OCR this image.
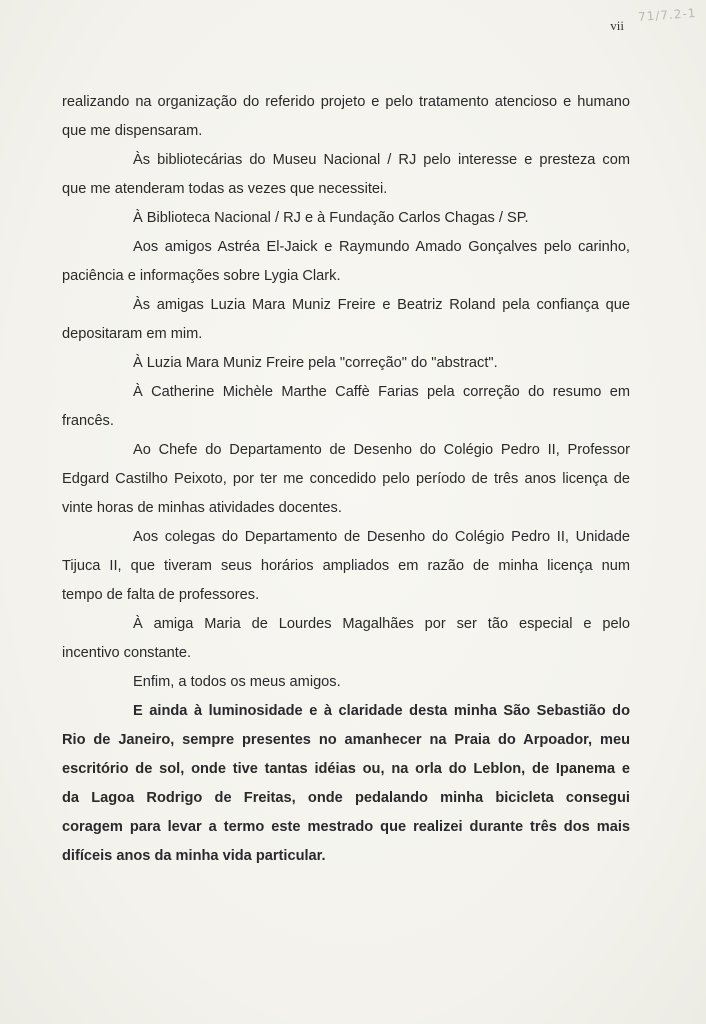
vii
71/7.2-1
realizando na organização do referido projeto e pelo tratamento atencioso e humano
que me dispensaram.
Às bibliotecárias do Museu Nacional / RJ pelo interesse e presteza com
que me atenderam todas as vezes que necessitei.
À Biblioteca Nacional / RJ e à Fundação Carlos Chagas / SP.
Aos amigos Astréa El-Jaick e Raymundo Amado Gonçalves pelo carinho,
paciência e informações sobre Lygia Clark.
Às amigas Luzia Mara Muniz Freire e Beatriz Roland pela confiança que
depositaram em mim.
À Luzia Mara Muniz Freire pela "correção" do "abstract".
À Catherine Michèle Marthe Caffè Farias pela correção do resumo em
francês.
Ao Chefe do Departamento de Desenho do Colégio Pedro II, Professor
Edgard Castilho Peixoto, por ter me concedido pelo período de três anos licença de
vinte horas de minhas atividades docentes.
Aos colegas do Departamento de Desenho do Colégio Pedro II, Unidade
Tijuca II, que tiveram seus horários ampliados em razão de minha licença num
tempo de falta de professores.
À amiga Maria de Lourdes Magalhães por ser tão especial e pelo
incentivo constante.
Enfim, a todos os meus amigos.
E ainda à luminosidade e à claridade desta minha São Sebastião do
Rio de Janeiro, sempre presentes no amanhecer na Praia do Arpoador, meu
escritório de sol, onde tive tantas idéias ou, na orla do Leblon, de Ipanema e
da Lagoa Rodrigo de Freitas, onde pedalando minha bicicleta consegui
coragem para levar a termo este mestrado que realizei durante três dos mais
difíceis anos da minha vida particular.
